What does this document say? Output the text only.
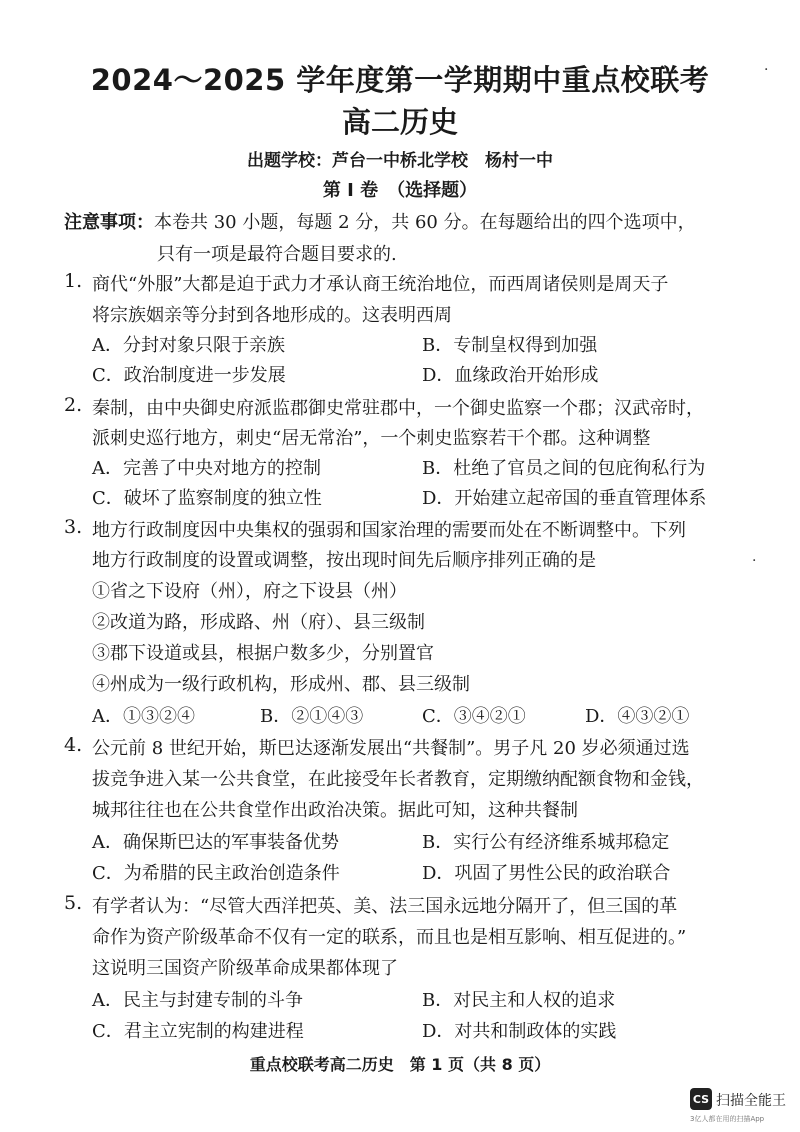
2024～2025 学年度第一学期期中重点校联考
高二历史
出题学校：芦台一中桥北学校　杨村一中
第 Ⅰ 卷　（选择题）
注意事项：本卷共 30 小题，每题 2 分，共 60 分。在每题给出的四个选项中，
只有一项是最符合题目要求的.
1. 商代“外服”大都是迫于武力才承认商王统治地位，而西周诸侯则是周天子
将宗族姻亲等分封到各地形成的。这表明西周
A．分封对象只限于亲族	B．专制皇权得到加强
C．政治制度进一步发展	D．血缘政治开始形成
2. 秦制，由中央御史府派监郡御史常驻郡中，一个御史监察一个郡；汉武帝时，
派刺史巡行地方，刺史“居无常治”，一个刺史监察若干个郡。这种调整
A．完善了中央对地方的控制	B．杜绝了官员之间的包庇徇私行为
C．破坏了监察制度的独立性	D．开始建立起帝国的垂直管理体系
3. 地方行政制度因中央集权的强弱和国家治理的需要而处在不断调整中。下列
地方行政制度的设置或调整，按出现时间先后顺序排列正确的是
①省之下设府（州），府之下设县（州）
②改道为路，形成路、州（府）、县三级制
③郡下设道或县，根据户数多少，分别置官
④州成为一级行政机构，形成州、郡、县三级制
A．①③②④	B．②①④③	C．③④②①	D．④③②①
4. 公元前 8 世纪开始，斯巴达逐渐发展出“共餐制”。男子凡 20 岁必须通过选
拔竞争进入某一公共食堂，在此接受年长者教育，定期缴纳配额食物和金钱，
城邦往往也在公共食堂作出政治决策。据此可知，这种共餐制
A．确保斯巴达的军事装备优势	B．实行公有经济维系城邦稳定
C．为希腊的民主政治创造条件	D．巩固了男性公民的政治联合
5. 有学者认为：“尽管大西洋把英、美、法三国永远地分隔开了，但三国的革
命作为资产阶级革命不仅有一定的联系，而且也是相互影响、相互促进的。”
这说明三国资产阶级革命成果都体现了
A．民主与封建专制的斗争	B．对民主和人权的追求
C．君主立宪制的构建进程	D．对共和制政体的实践
重点校联考高二历史　第 1 页（共 8 页）
·
·
CS 扫描全能王
3亿人都在用的扫描App
